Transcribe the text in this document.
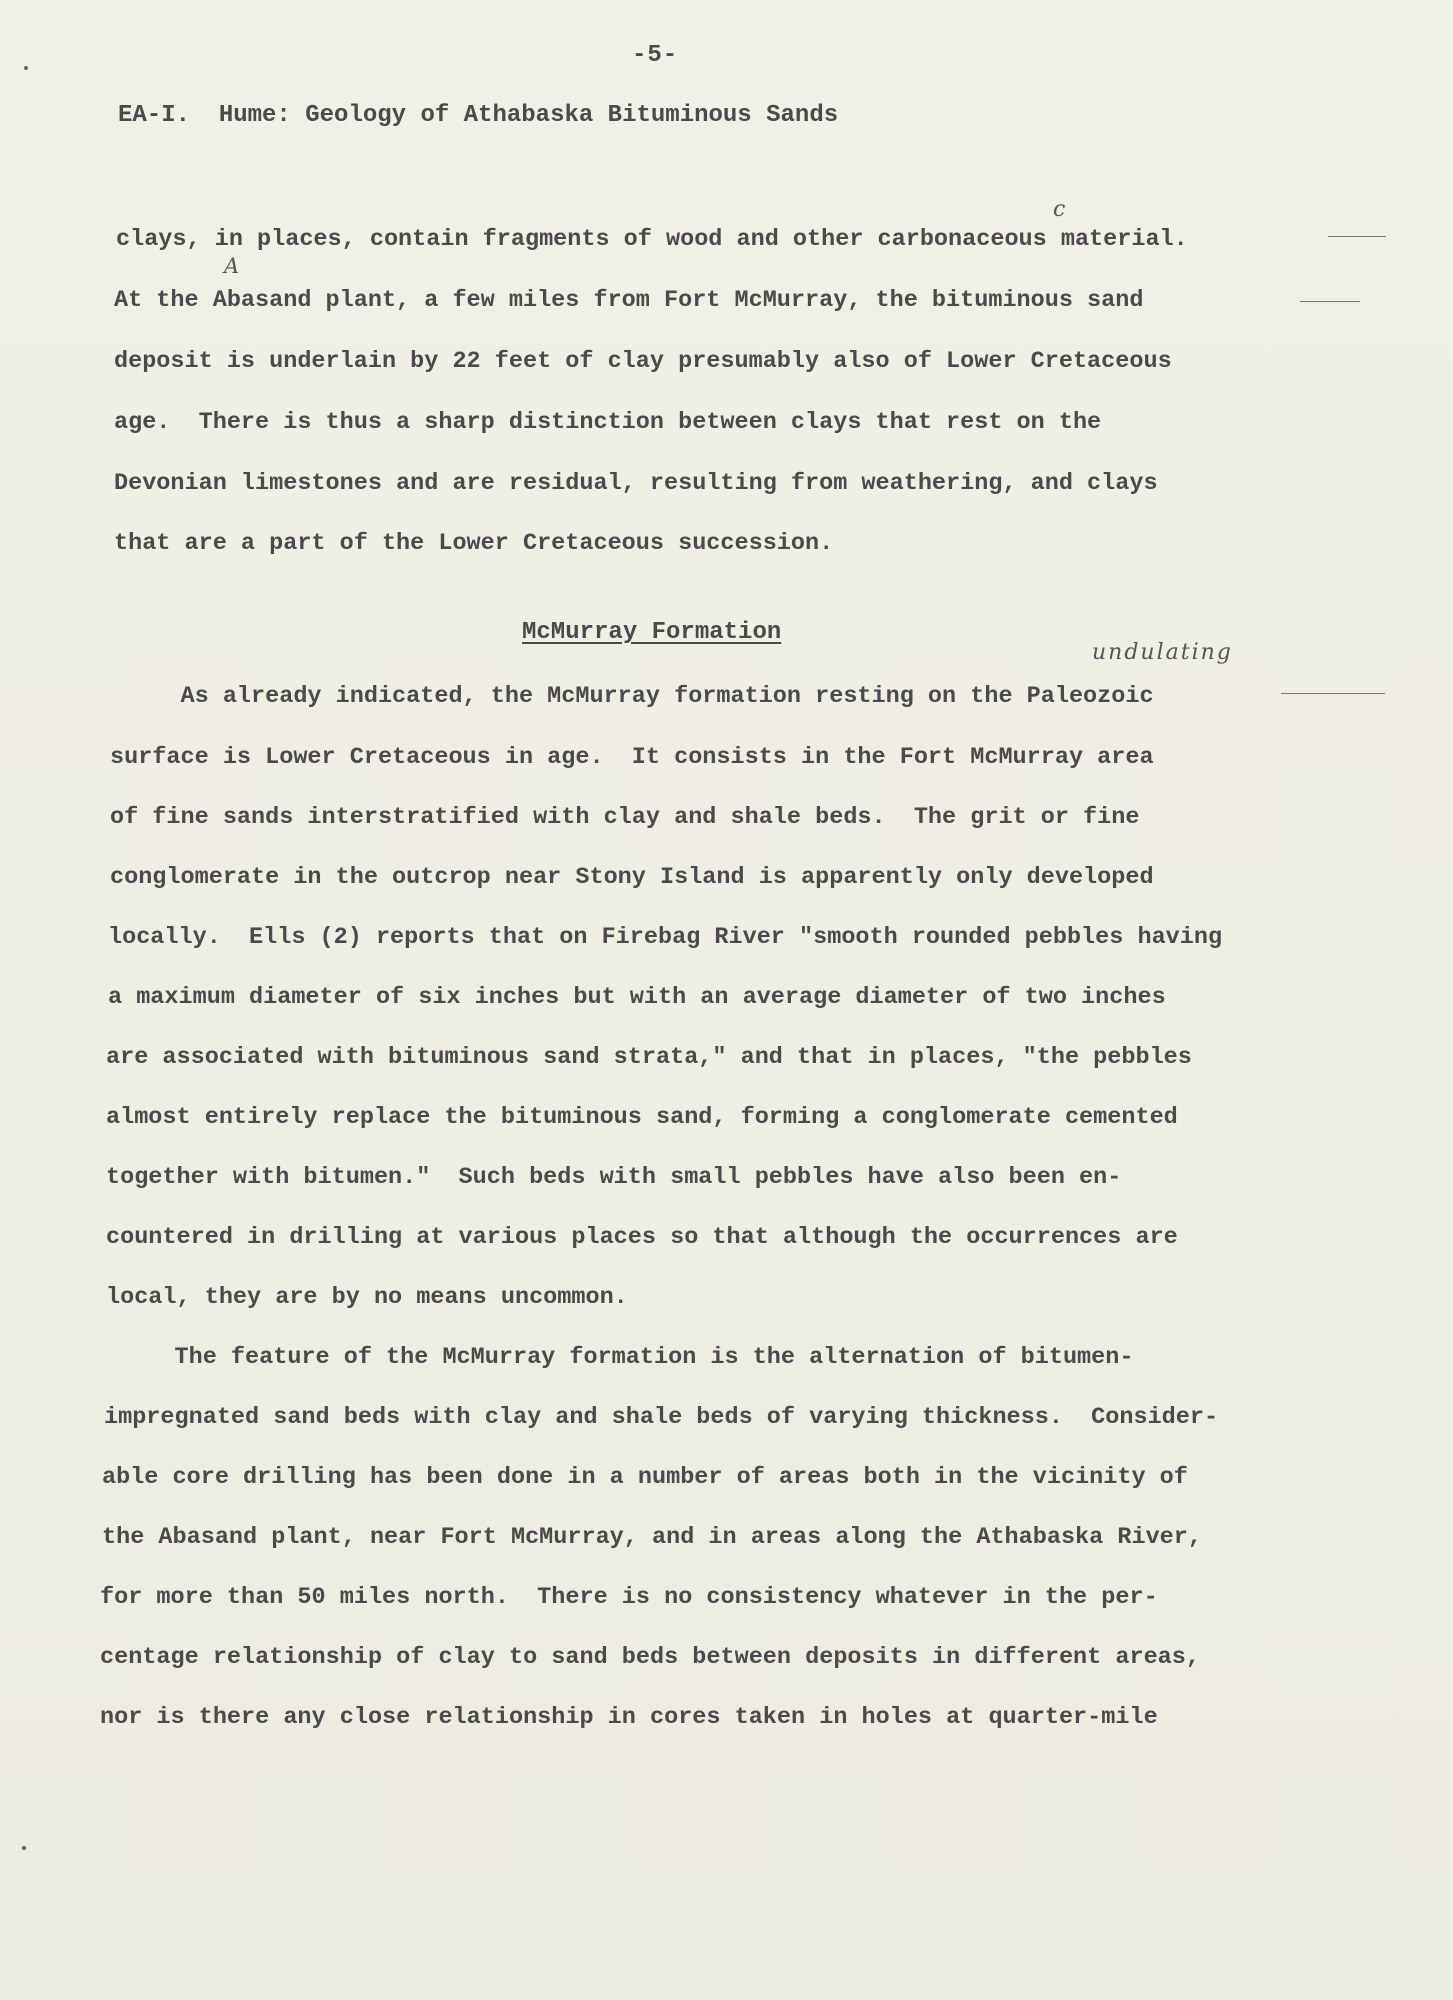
-5-
EA-I.  Hume: Geology of Athabaska Bituminous Sands
c
A
undulating
clays, in places, contain fragments of wood and other carbonaceous material.
At the Abasand plant, a few miles from Fort McMurray, the bituminous sand
deposit is underlain by 22 feet of clay presumably also of Lower Cretaceous
age.  There is thus a sharp distinction between clays that rest on the
Devonian limestones and are residual, resulting from weathering, and clays
that are a part of the Lower Cretaceous succession.
McMurray Formation
As already indicated, the McMurray formation resting on the Paleozoic
surface is Lower Cretaceous in age.  It consists in the Fort McMurray area
of fine sands interstratified with clay and shale beds.  The grit or fine
conglomerate in the outcrop near Stony Island is apparently only developed
locally.  Ells (2) reports that on Firebag River "smooth rounded pebbles having
a maximum diameter of six inches but with an average diameter of two inches
are associated with bituminous sand strata," and that in places, "the pebbles
almost entirely replace the bituminous sand, forming a conglomerate cemented
together with bitumen."  Such beds with small pebbles have also been en-
countered in drilling at various places so that although the occurrences are
local, they are by no means uncommon.
The feature of the McMurray formation is the alternation of bitumen-
impregnated sand beds with clay and shale beds of varying thickness.  Consider-
able core drilling has been done in a number of areas both in the vicinity of
the Abasand plant, near Fort McMurray, and in areas along the Athabaska River,
for more than 50 miles north.  There is no consistency whatever in the per-
centage relationship of clay to sand beds between deposits in different areas,
nor is there any close relationship in cores taken in holes at quarter-mile
